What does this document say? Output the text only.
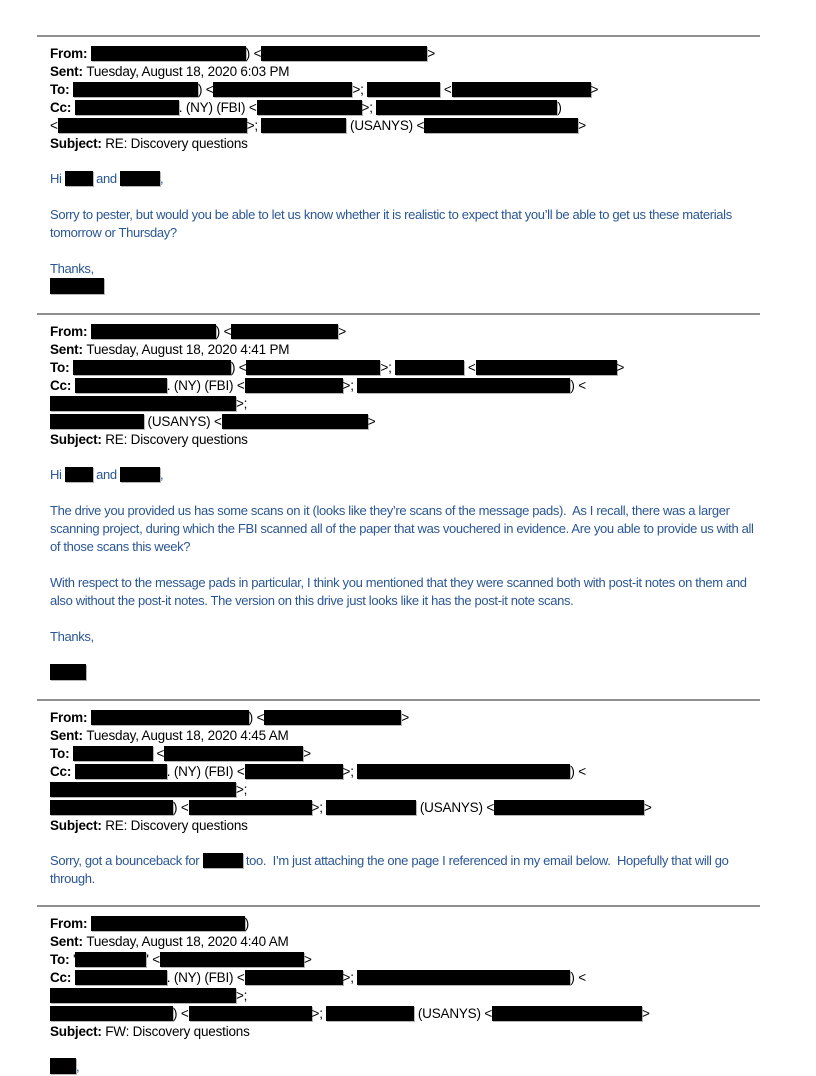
From:	) <	>
Sent: Tuesday, August 18, 2020 6:03 PM
To:	) <	>;	<	>
Cc:	. (NY) (FBI) <	>;	)
<	>;	(USANYS) <	>
Subject: RE: Discovery questions
Hi  and	,
Sorry to pester, but would you be able to let us know whether it is realistic to expect that you’ll be able to get us these materials tomorrow or Thursday?
Thanks,
From:	) <	>
Sent: Tuesday, August 18, 2020 4:41 PM
To:	) <	>;	<	>
Cc:	. (NY) (FBI) <	>;	) <>;
(USANYS) <	>
Subject: RE: Discovery questions
Hi  and	,
The drive you provided us has some scans on it (looks like they’re scans of the message pads).  As I recall, there was a larger scanning project, during which the FBI scanned all of the paper that was vouchered in evidence. Are you able to provide us with all of those scans this week?
With respect to the message pads in particular, I think you mentioned that they were scanned both with post-it notes on them and also without the post-it notes. The version on this drive just looks like it has the post-it note scans.
Thanks,
From:	) <	>
Sent: Tuesday, August 18, 2020 4:45 AM
To:	<	>
Cc:	. (NY) (FBI) <	>;	) <>;
) <	>;	(USANYS) <	>
Subject: RE: Discovery questions
Sorry, got a bounceback for	too.  I’m just attaching the one page I referenced in my email below.  Hopefully that will go through.
From:	)
Sent: Tuesday, August 18, 2020 4:40 AM
To: '	' <	>
Cc:	. (NY) (FBI) <	>;	) <>;
) <	>;	(USANYS) <	>
Subject: FW: Discovery questions
,
